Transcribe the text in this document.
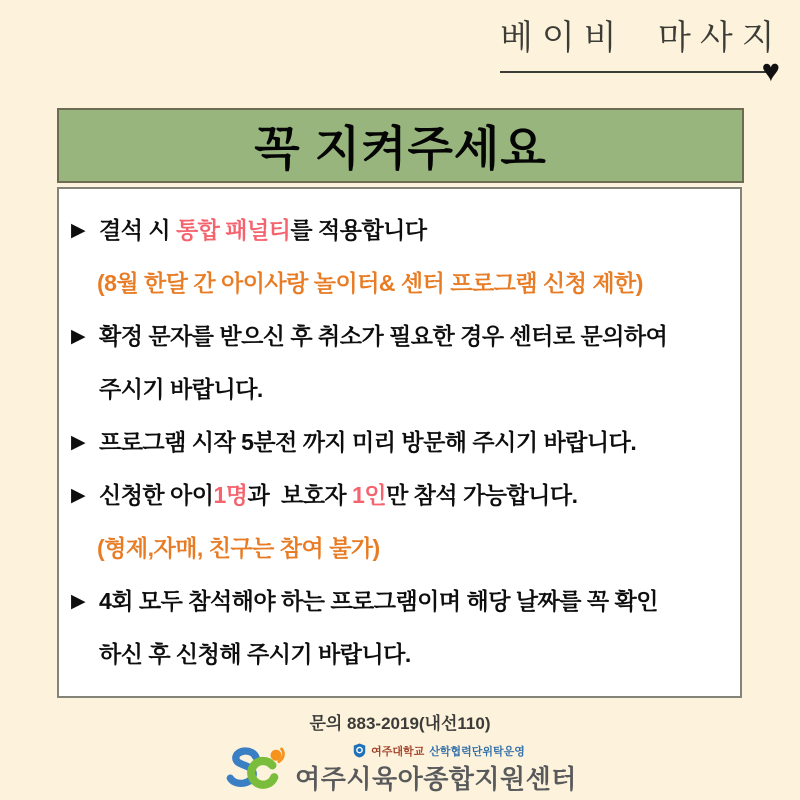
베이비 마사지
♥
꼭 지켜주세요
▶ 결석 시 통합 패널티를 적용합니다
(8월 한달 간 아이사랑 놀이터& 센터 프로그램 신청 제한)
▶ 확정 문자를 받으신 후 취소가 필요한 경우 센터로 문의하여
주시기 바랍니다.
▶ 프로그램 시작 5분전 까지 미리 방문해 주시기 바랍니다.
▶ 신청한 아이1명과  보호자 1인만 참석 가능합니다.
(형제,자매, 친구는 참여 불가)
▶ 4회 모두 참석해야 하는 프로그램이며 해당 날짜를 꼭 확인
하신 후 신청해 주시기 바랍니다.
문의 883-2019(내선110)
여주대학교 산학협력단위탁운영
여주시육아종합지원센터
